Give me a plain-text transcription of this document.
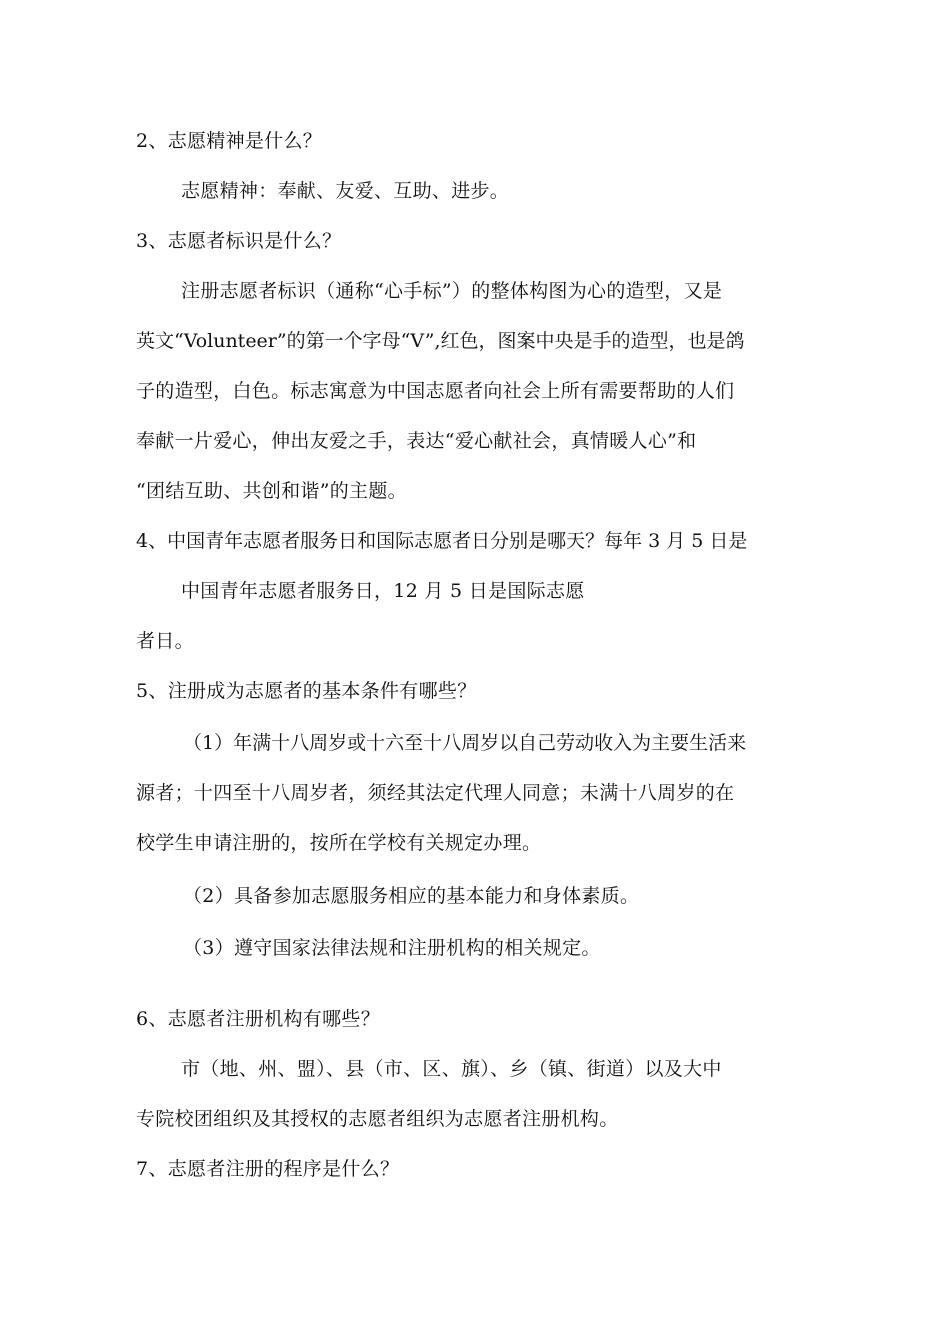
2、志愿精神是什么？
志愿精神：奉献、友爱、互助、进步。
3、志愿者标识是什么？
注册志愿者标识（通称“心手标”）的整体构图为心的造型，又是
英文“Volunteer”的第一个字母“V”,红色，图案中央是手的造型，也是鸽
子的造型，白色。标志寓意为中国志愿者向社会上所有需要帮助的人们
奉献一片爱心，伸出友爱之手，表达“爱心献社会，真情暖人心”和
“团结互助、共创和谐”的主题。
4、中国青年志愿者服务日和国际志愿者日分别是哪天？每年 3 月 5 日是
中国青年志愿者服务日，12 月 5 日是国际志愿
者日。
5、注册成为志愿者的基本条件有哪些？
（1）年满十八周岁或十六至十八周岁以自己劳动收入为主要生活来
源者；十四至十八周岁者，须经其法定代理人同意；未满十八周岁的在
校学生申请注册的，按所在学校有关规定办理。
（2）具备参加志愿服务相应的基本能力和身体素质。
（3）遵守国家法律法规和注册机构的相关规定。
6、志愿者注册机构有哪些？
市（地、州、盟）、县（市、区、旗）、乡（镇、街道）以及大中
专院校团组织及其授权的志愿者组织为志愿者注册机构。
7、志愿者注册的程序是什么？
